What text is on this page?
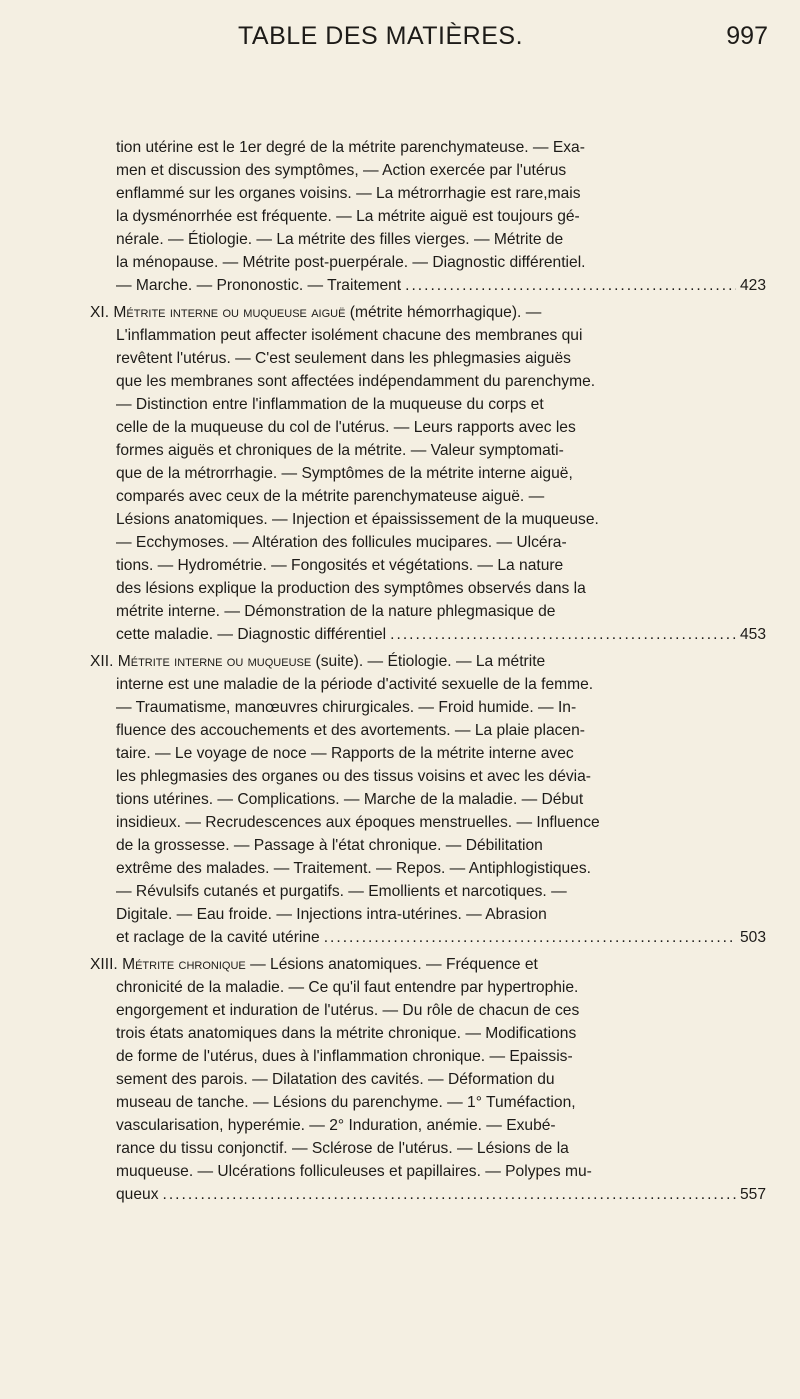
TABLE DES MATIÈRES.	997
tion utérine est le 1er degré de la métrite parenchymateuse. — Exa-
men et discussion des symptômes, — Action exercée par l'utérus
enflammé sur les organes voisins. — La métrorrhagie est rare,mais
la dysménorrhée est fréquente. — La métrite aiguë est toujours gé-
nérale. — Étiologie. — La métrite des filles vierges. — Métrite de
la ménopause. — Métrite post-puerpérale. — Diagnostic différentiel.
— Marche. — Prononostic. — Traitement .....	423
XI. Métrite interne ou muqueuse aiguë (métrite hémorrhagique). —
L'inflammation peut affecter isolément chacune des membranes qui
revêtent l'utérus. — C'est seulement dans les phlegmasies aiguës
que les membranes sont affectées indépendamment du parenchyme.
— Distinction entre l'inflammation de la muqueuse du corps et
celle de la muqueuse du col de l'utérus. — Leurs rapports avec les
formes aiguës et chroniques de la métrite. — Valeur symptomati-
que de la métrorrhagie. — Symptômes de la métrite interne aiguë,
comparés avec ceux de la métrite parenchymateuse aiguë. —
Lésions anatomiques. — Injection et épaississement de la muqueuse.
— Ecchymoses. — Altération des follicules mucipares. — Ulcéra-
tions. — Hydrométrie. — Fongosités et végétations. — La nature
des lésions explique la production des symptômes observés dans la
métrite interne. — Démonstration de la nature phlegmasique de
cette maladie. — Diagnostic différentiel .....	453
XII. Métrite interne ou muqueuse (suite). — Étiologie. — La métrite
interne est une maladie de la période d'activité sexuelle de la femme.
— Traumatisme, manœuvres chirurgicales. — Froid humide. — In-
fluence des accouchements et des avortements. — La plaie placen-
taire. — Le voyage de noce — Rapports de la métrite interne avec
les phlegmasies des organes ou des tissus voisins et avec les dévia-
tions utérines. — Complications. — Marche de la maladie. — Début
insidieux. — Recrudescences aux époques menstruelles. — Influence
de la grossesse. — Passage à l'état chronique. — Débilitation
extrême des malades. — Traitement. — Repos. — Antiphlogistiques.
— Révulsifs cutanés et purgatifs. — Emollients et narcotiques. —
Digitale. — Eau froide. — Injections intra-utérines. — Abrasion
et raclage de la cavité utérine .....	503
XIII. Métrite chronique — Lésions anatomiques. — Fréquence et
chronicité de la maladie. — Ce qu'il faut entendre par hypertrophie.
engorgement et induration de l'utérus. — Du rôle de chacun de ces
trois états anatomiques dans la métrite chronique. — Modifications
de forme de l'utérus, dues à l'inflammation chronique. — Epaissis-
sement des parois. — Dilatation des cavités. — Déformation du
museau de tanche. — Lésions du parenchyme. — 1° Tuméfaction,
vascularisation, hyperémie. — 2° Induration, anémie. — Exubé-
rance du tissu conjonctif. — Sclérose de l'utérus. — Lésions de la
muqueuse. — Ulcérations folliculeuses et papillaires. — Polypes mu-
queux .....	557
